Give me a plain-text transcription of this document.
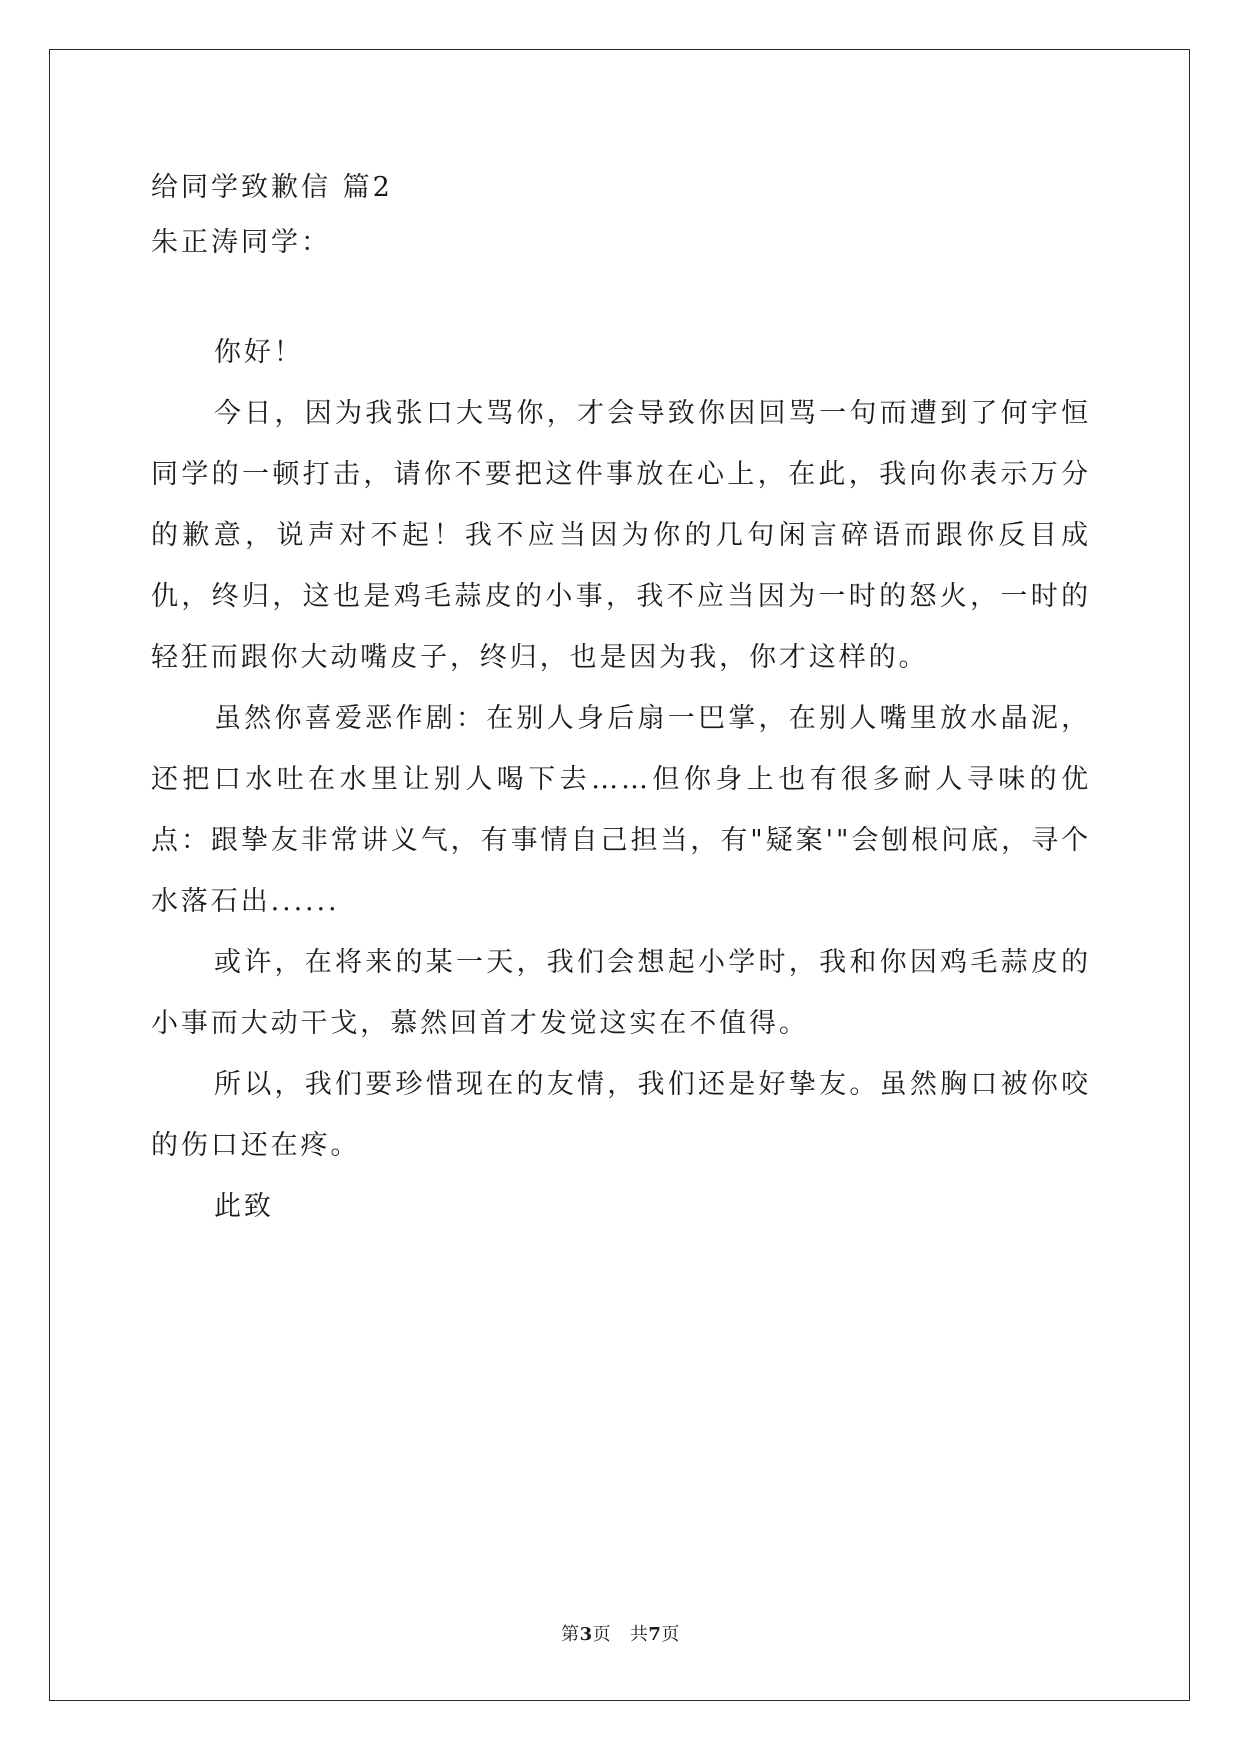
给同学致歉信 篇2
朱正涛同学：

你好！

今日，因为我张口大骂你，才会导致你因回骂一句而遭到了何宇恒同学的一顿打击，请你不要把这件事放在心上，在此，我向你表示万分的歉意，说声对不起！我不应当因为你的几句闲言碎语而跟你反目成仇，终归，这也是鸡毛蒜皮的小事，我不应当因为一时的怒火，一时的轻狂而跟你大动嘴皮子，终归，也是因为我，你才这样的。

虽然你喜爱恶作剧：在别人身后扇一巴掌，在别人嘴里放水晶泥，还把口水吐在水里让别人喝下去……但你身上也有很多耐人寻味的优点：跟挚友非常讲义气，有事情自己担当，有"疑案'"会刨根问底，寻个水落石出......

或许，在将来的某一天，我们会想起小学时，我和你因鸡毛蒜皮的小事而大动干戈，慕然回首才发觉这实在不值得。

所以，我们要珍惜现在的友情，我们还是好挚友。虽然胸口被你咬的伤口还在疼。

此致

第3页   共7页
